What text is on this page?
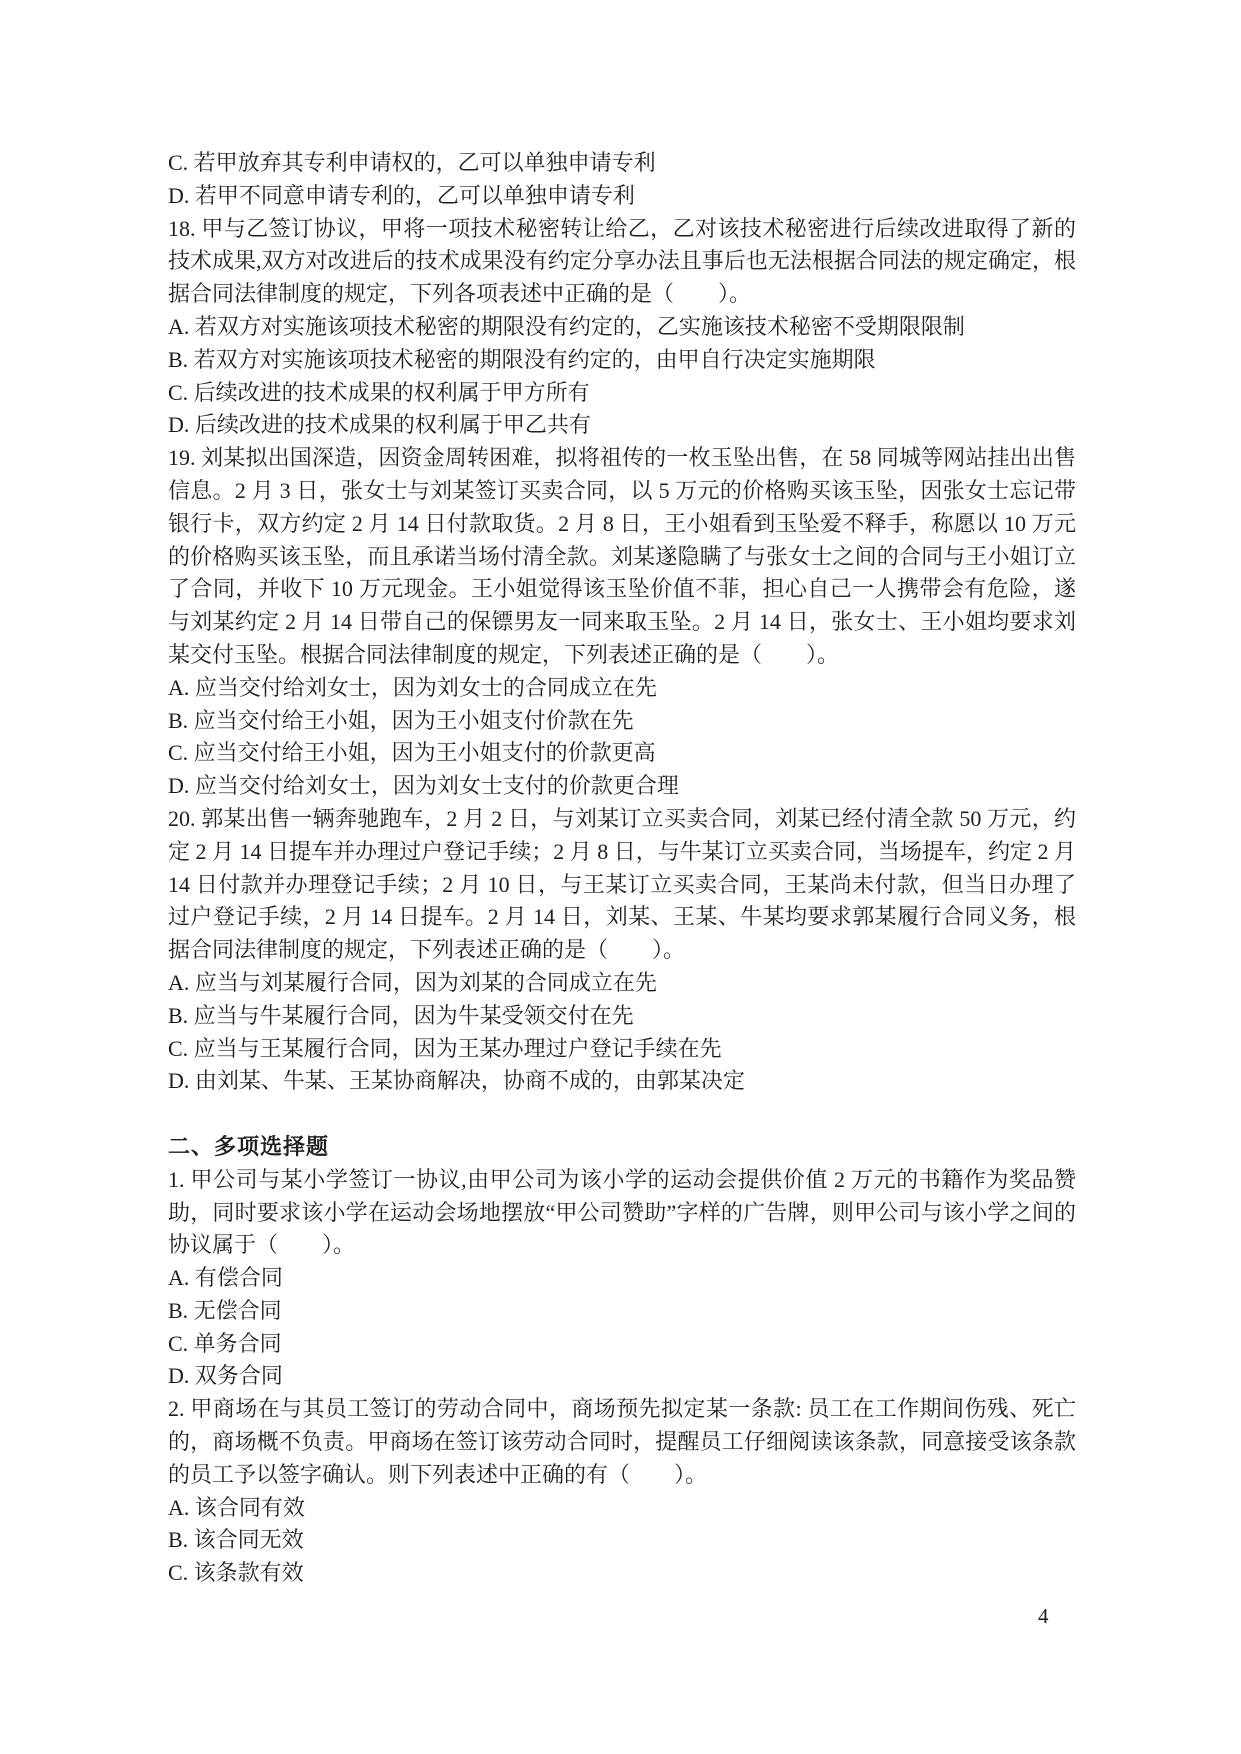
C. 若甲放弃其专利申请权的，乙可以单独申请专利

D. 若甲不同意申请专利的，乙可以单独申请专利

18. 甲与乙签订协议，甲将一项技术秘密转让给乙，乙对该技术秘密进行后续改进取得了新的技术成果,双方对改进后的技术成果没有约定分享办法且事后也无法根据合同法的规定确定，根据合同法律制度的规定，下列各项表述中正确的是（　　）。

A. 若双方对实施该项技术秘密的期限没有约定的，乙实施该技术秘密不受期限限制

B. 若双方对实施该项技术秘密的期限没有约定的，由甲自行决定实施期限

C. 后续改进的技术成果的权利属于甲方所有

D. 后续改进的技术成果的权利属于甲乙共有

19. 刘某拟出国深造，因资金周转困难，拟将祖传的一枚玉坠出售，在 58 同城等网站挂出出售信息。2 月 3 日，张女士与刘某签订买卖合同，以 5 万元的价格购买该玉坠，因张女士忘记带银行卡，双方约定 2 月 14 日付款取货。2 月 8 日，王小姐看到玉坠爱不释手，称愿以 10 万元的价格购买该玉坠，而且承诺当场付清全款。刘某遂隐瞒了与张女士之间的合同与王小姐订立了合同，并收下 10 万元现金。王小姐觉得该玉坠价值不菲，担心自己一人携带会有危险，遂与刘某约定 2 月 14 日带自己的保镖男友一同来取玉坠。2 月 14 日，张女士、王小姐均要求刘某交付玉坠。根据合同法律制度的规定，下列表述正确的是（　　）。

A. 应当交付给刘女士，因为刘女士的合同成立在先

B. 应当交付给王小姐，因为王小姐支付价款在先

C. 应当交付给王小姐，因为王小姐支付的价款更高

D. 应当交付给刘女士，因为刘女士支付的价款更合理

20. 郭某出售一辆奔驰跑车，2 月 2 日，与刘某订立买卖合同，刘某已经付清全款 50 万元，约定 2 月 14 日提车并办理过户登记手续；2 月 8 日，与牛某订立买卖合同，当场提车，约定 2 月 14 日付款并办理登记手续；2 月 10 日，与王某订立买卖合同，王某尚未付款，但当日办理了过户登记手续，2 月 14 日提车。2 月 14 日，刘某、王某、牛某均要求郭某履行合同义务，根据合同法律制度的规定，下列表述正确的是（　　）。

A. 应当与刘某履行合同，因为刘某的合同成立在先

B. 应当与牛某履行合同，因为牛某受领交付在先

C. 应当与王某履行合同，因为王某办理过户登记手续在先

D. 由刘某、牛某、王某协商解决，协商不成的，由郭某决定

二、多项选择题

1. 甲公司与某小学签订一协议,由甲公司为该小学的运动会提供价值 2 万元的书籍作为奖品赞助，同时要求该小学在运动会场地摆放“甲公司赞助”字样的广告牌，则甲公司与该小学之间的协议属于（　　）。

A. 有偿合同

B. 无偿合同

C. 单务合同

D. 双务合同

2. 甲商场在与其员工签订的劳动合同中，商场预先拟定某一条款: 员工在工作期间伤残、死亡的，商场概不负责。甲商场在签订该劳动合同时，提醒员工仔细阅读该条款，同意接受该条款的员工予以签字确认。则下列表述中正确的有（　　）。

A. 该合同有效

B. 该合同无效

C. 该条款有效

4
